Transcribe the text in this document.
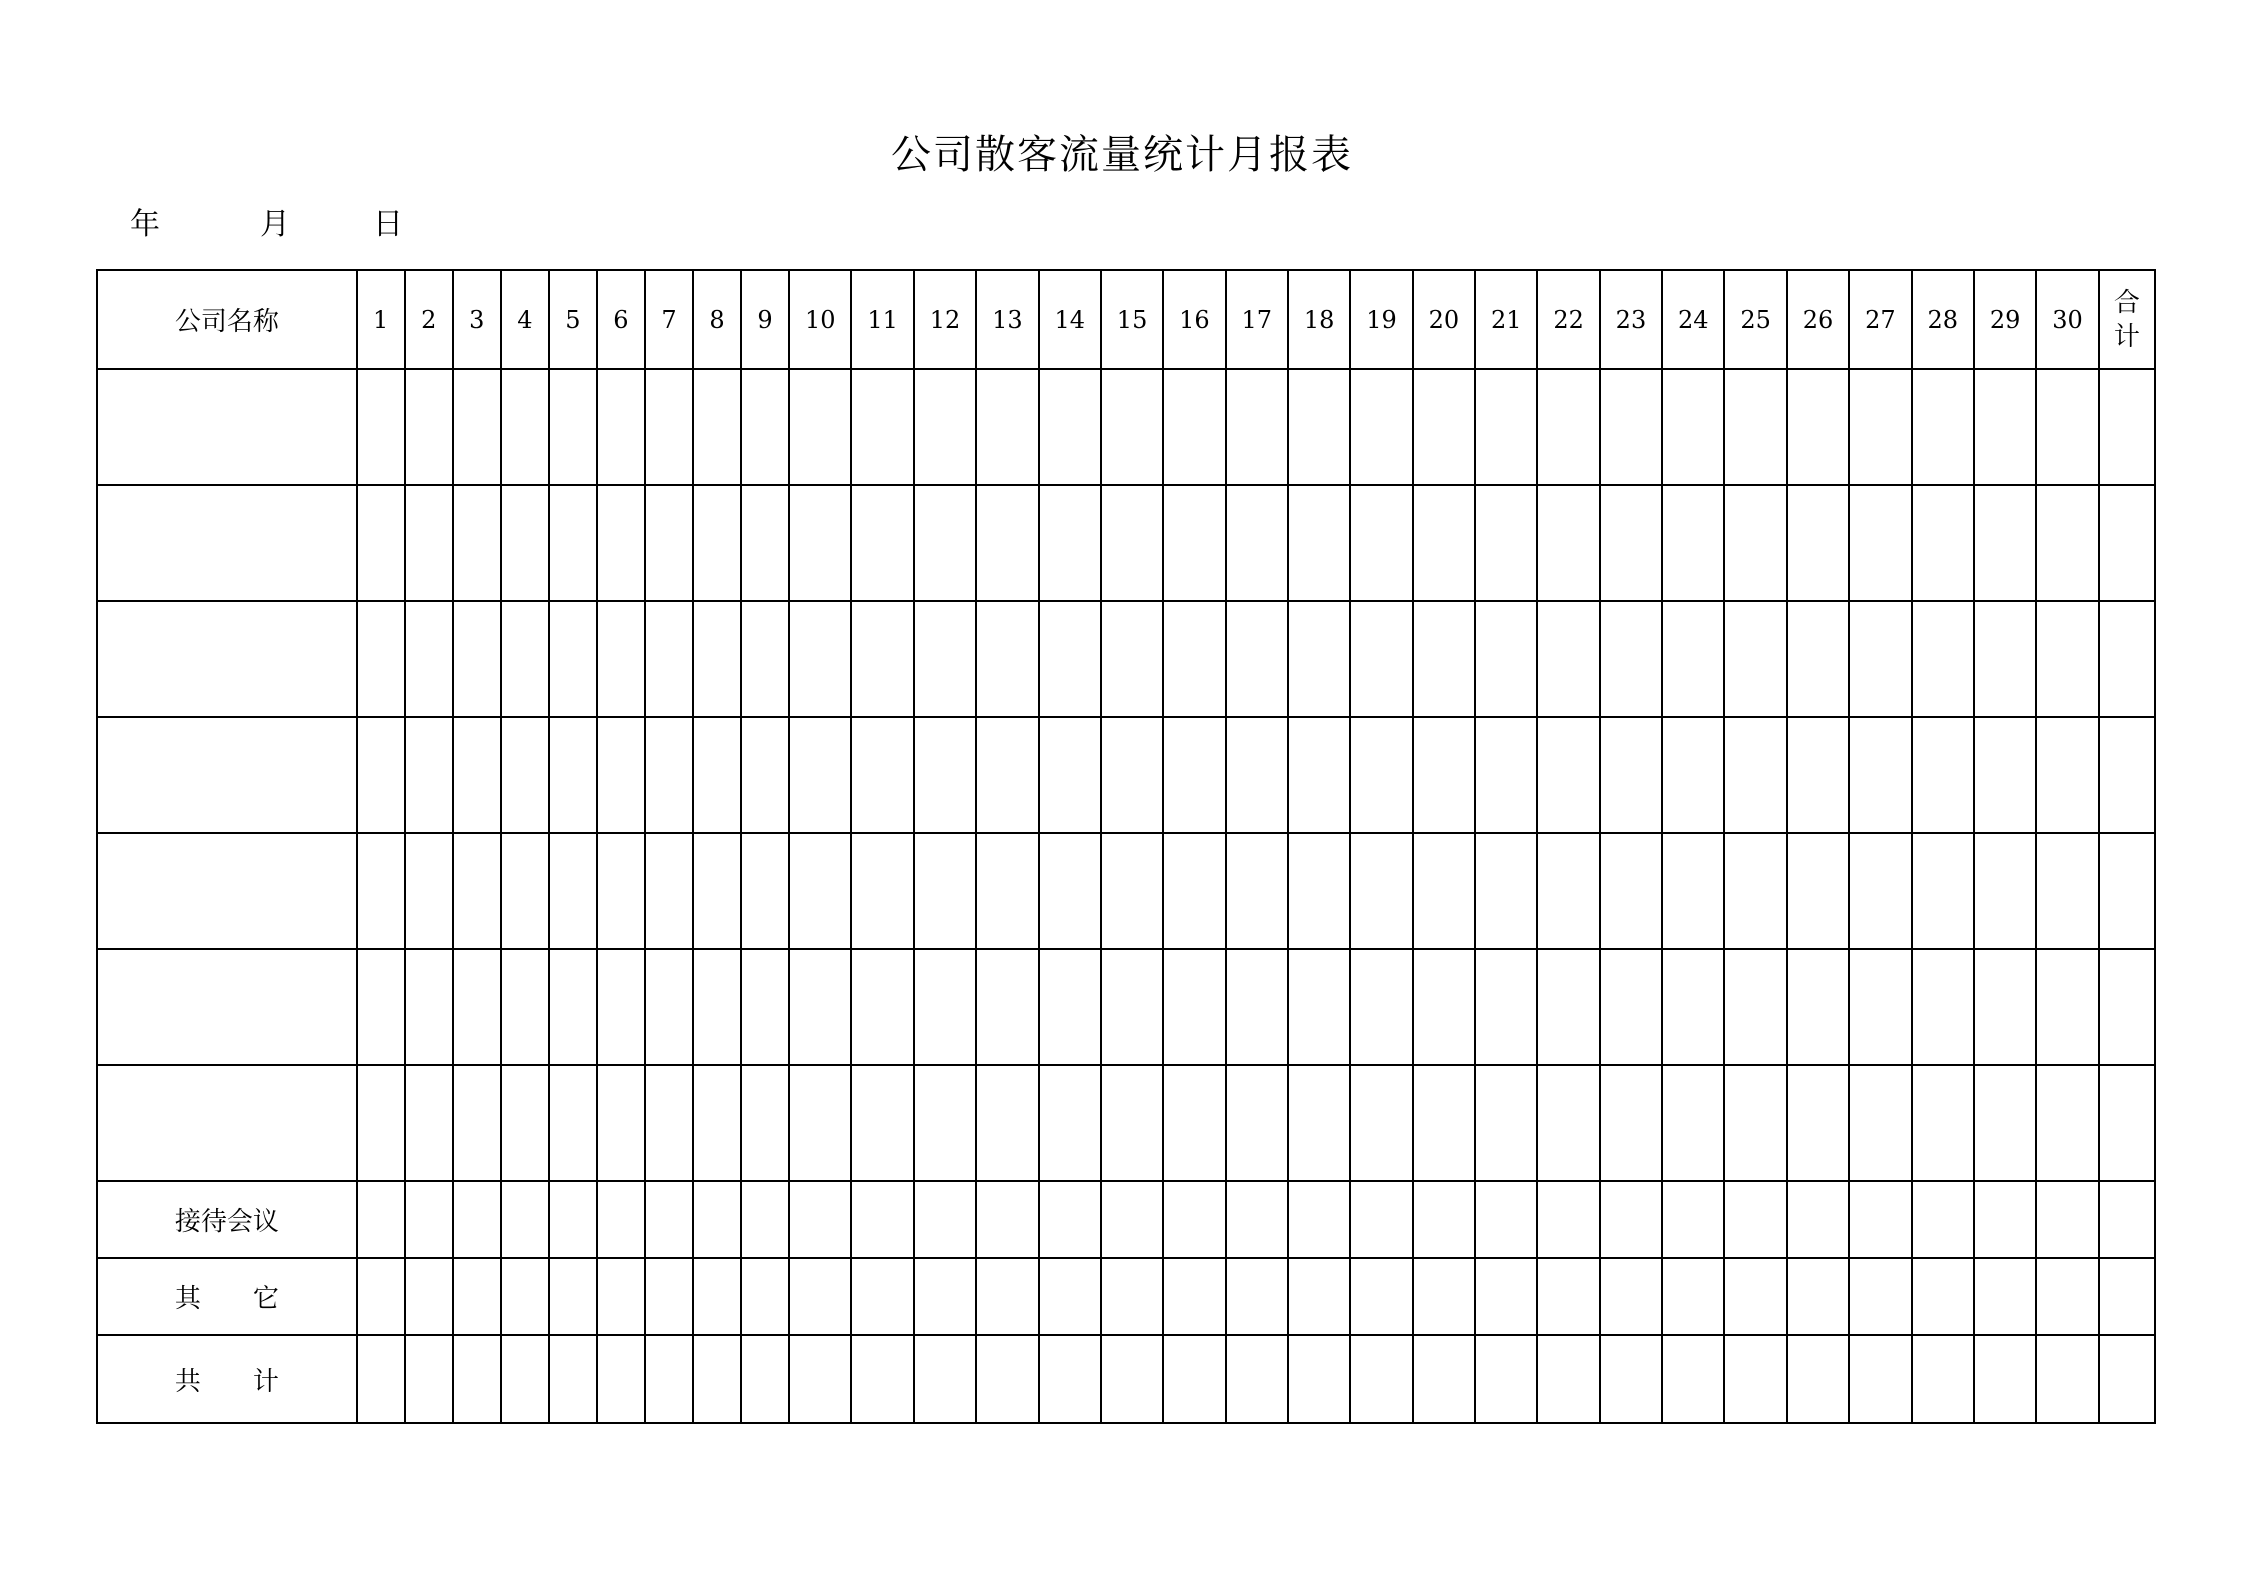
公司散客流量统计月报表
年	月	日
公司名称	1	2	3	4	5	6	7	8	9	10	11	12	13	14	15	16	17	18	19	20	21	22	23	24	25	26	27	28	29	30	合
计

接待会议																															
其　　它																															
共　　计																															
